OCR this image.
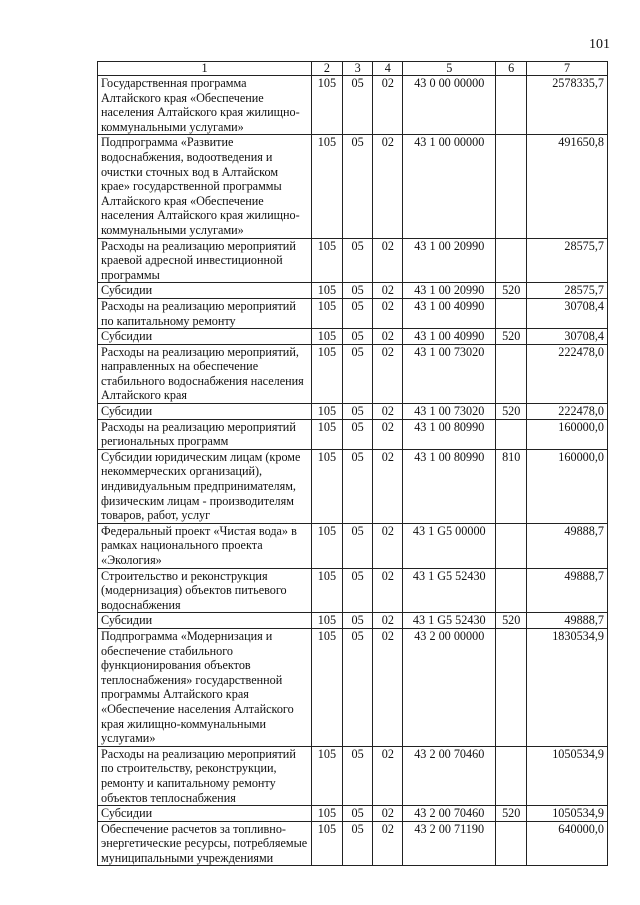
101
1	2	3	4	5	6	7
Государственная программа Алтайского края «Обеспечение населения Алтайского края жилищно-коммунальными услугами»	105	05	02	43 0 00 00000		2578335,7
Подпрограмма «Развитие водоснабжения, водоотведения и очистки сточных вод в Алтайском крае» государственной программы Алтайского края «Обеспечение населения Алтайского края жилищно-коммунальными услугами»	105	05	02	43 1 00 00000		491650,8
Расходы на реализацию мероприятий краевой адресной инвестиционной программы	105	05	02	43 1 00 20990		28575,7
Субсидии	105	05	02	43 1 00 20990	520	28575,7
Расходы на реализацию мероприятий по капитальному ремонту	105	05	02	43 1 00 40990		30708,4
Субсидии	105	05	02	43 1 00 40990	520	30708,4
Расходы на реализацию мероприятий, направленных на обеспечение стабильного водоснабжения населения Алтайского края	105	05	02	43 1 00 73020		222478,0
Субсидии	105	05	02	43 1 00 73020	520	222478,0
Расходы на реализацию мероприятий региональных программ	105	05	02	43 1 00 80990		160000,0
Субсидии юридическим лицам (кроме некоммерческих организаций), индивидуальным предпринимателям, физическим лицам - производителям товаров, работ, услуг	105	05	02	43 1 00 80990	810	160000,0
Федеральный проект «Чистая вода» в рамках национального проекта «Экология»	105	05	02	43 1 G5 00000		49888,7
Строительство и реконструкция (модернизация) объектов питьевого водоснабжения	105	05	02	43 1 G5 52430		49888,7
Субсидии	105	05	02	43 1 G5 52430	520	49888,7
Подпрограмма «Модернизация и обеспечение стабильного функционирования объектов теплоснабжения» государственной программы Алтайского края «Обеспечение населения Алтайского края жилищно-коммунальными услугами»	105	05	02	43 2 00 00000		1830534,9
Расходы на реализацию мероприятий по строительству, реконструкции, ремонту и капитальному ремонту объектов теплоснабжения	105	05	02	43 2 00 70460		1050534,9
Субсидии	105	05	02	43 2 00 70460	520	1050534,9
Обеспечение расчетов за топливно-энергетические ресурсы, потребляемые муниципальными учреждениями	105	05	02	43 2 00 71190		640000,0
